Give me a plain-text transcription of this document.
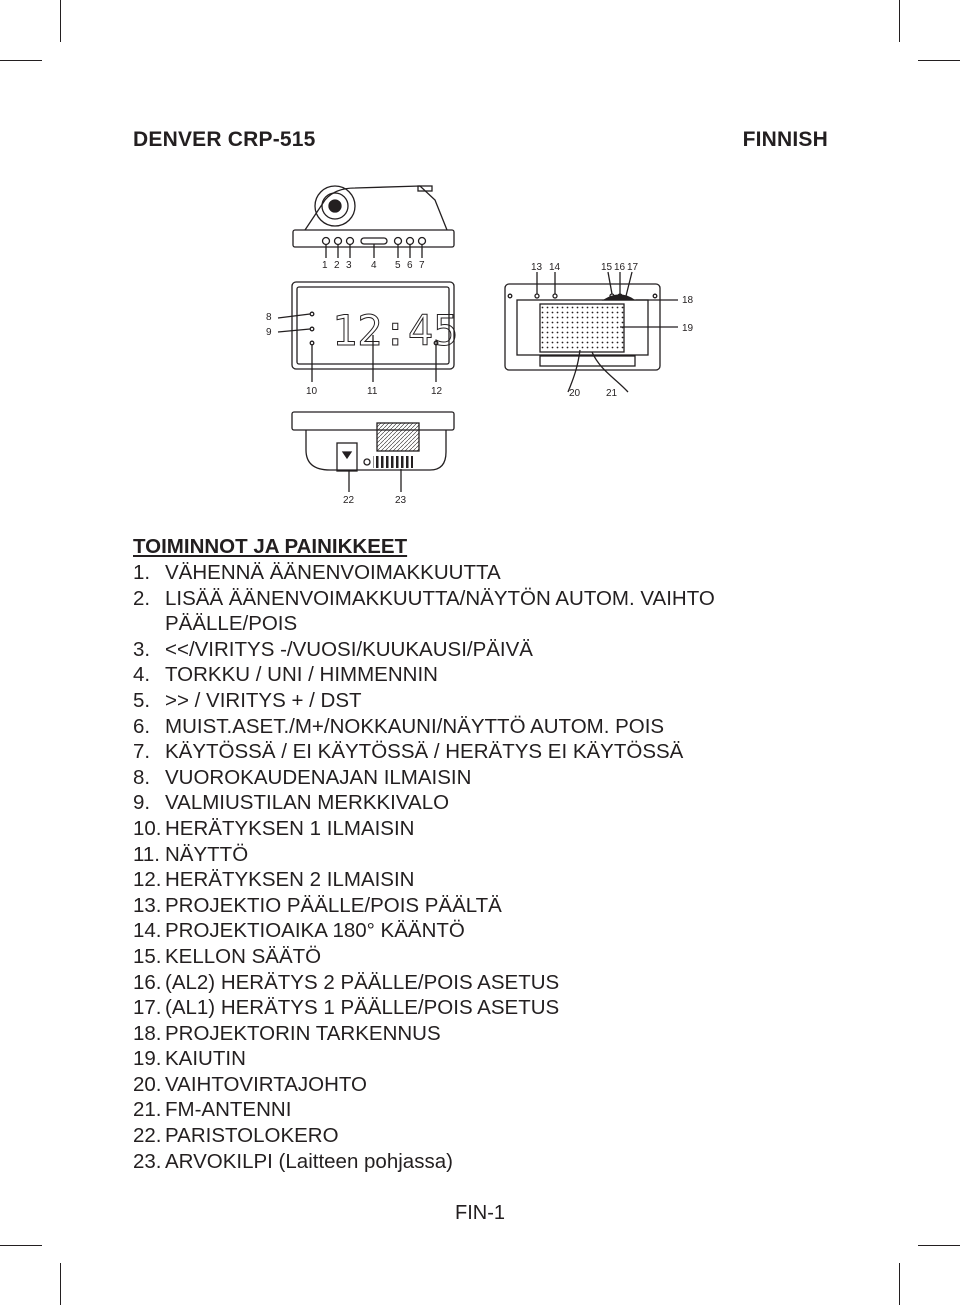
DENVER CRP-515	FINNISH
1 2 3 4 5 6 7
12:45
8
9
10	11	12
13 14	15 16 17
18
19
20	21
22	23
TOIMINNOT JA PAINIKKEET
1. VÄHENNÄ ÄÄNENVOIMAKKUUTTA
2. LISÄÄ ÄÄNENVOIMAKKUUTTA/NÄYTÖN AUTOM. VAIHTO
PÄÄLLE/POIS
3. <</VIRITYS -/VUOSI/KUUKAUSI/PÄIVÄ
4. TORKKU / UNI / HIMMENNIN
5. >> / VIRITYS + / DST
6. MUIST.ASET./M+/NOKKAUNI/NÄYTTÖ AUTOM. POIS
7. KÄYTÖSSÄ / EI KÄYTÖSSÄ / HERÄTYS EI KÄYTÖSSÄ
8. VUOROKAUDENAJAN ILMAISIN
9. VALMIUSTILAN MERKKIVALO
10. HERÄTYKSEN 1 ILMAISIN
11. NÄYTTÖ
12. HERÄTYKSEN 2 ILMAISIN
13. PROJEKTIO PÄÄLLE/POIS PÄÄLTÄ
14. PROJEKTIOAIKA 180° KÄÄNTÖ
15. KELLON SÄÄTÖ
16. (AL2) HERÄTYS 2 PÄÄLLE/POIS ASETUS
17. (AL1) HERÄTYS 1 PÄÄLLE/POIS ASETUS
18. PROJEKTORIN TARKENNUS
19. KAIUTIN
20. VAIHTOVIRTAJOHTO
21. FM-ANTENNI
22. PARISTOLOKERO
23. ARVOKILPI (Laitteen pohjassa)
FIN-1
